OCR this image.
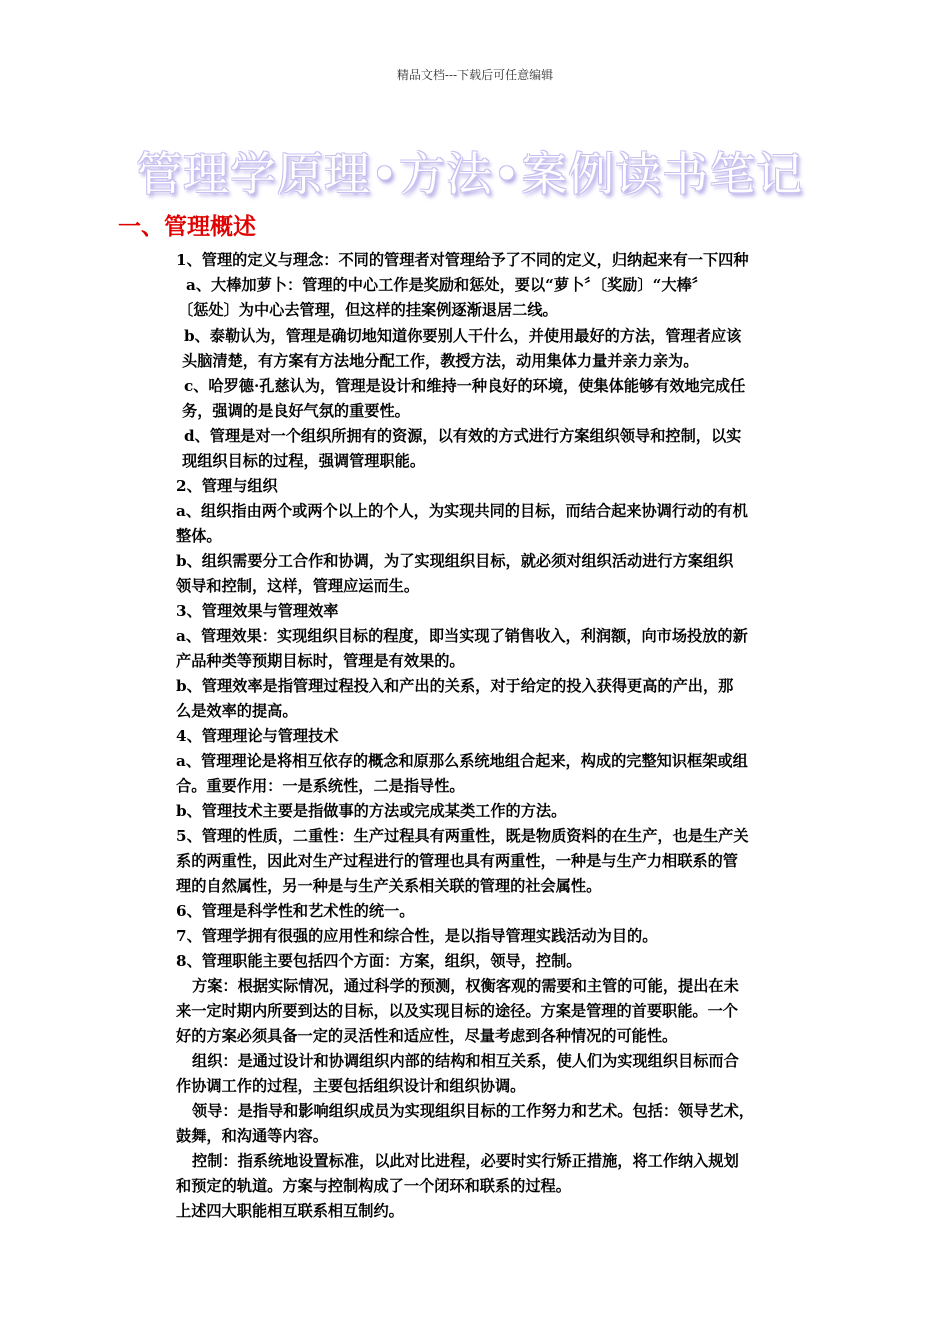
精品文档---下载后可任意编辑
管理学原理•方法•案例读书笔记
一、管理概述
1、管理的定义与理念：不同的管理者对管理给予了不同的定义，归纳起来有一下四种
a、大棒加萝卜：管理的中心工作是奖励和惩处，要以“萝卜〞〔奖励〕“大棒〞
〔惩处〕为中心去管理，但这样的挂案例逐渐退居二线。
b、泰勒认为，管理是确切地知道你要别人干什么，并使用最好的方法，管理者应该
头脑清楚，有方案有方法地分配工作，教授方法，动用集体力量并亲力亲为。
c、哈罗德·孔慈认为，管理是设计和维持一种良好的环境，使集体能够有效地完成任
务，强调的是良好气氛的重要性。
d、管理是对一个组织所拥有的资源，以有效的方式进行方案组织领导和控制，以实
现组织目标的过程，强调管理职能。
2、管理与组织
a、组织指由两个或两个以上的个人，为实现共同的目标，而结合起来协调行动的有机
整体。
b、组织需要分工合作和协调，为了实现组织目标，就必须对组织活动进行方案组织
领导和控制，这样，管理应运而生。
3、管理效果与管理效率
a、管理效果：实现组织目标的程度，即当实现了销售收入，利润额，向市场投放的新
产品种类等预期目标时，管理是有效果的。
b、管理效率是指管理过程投入和产出的关系，对于给定的投入获得更高的产出，那
么是效率的提高。
4、管理理论与管理技术
a、管理理论是将相互依存的概念和原那么系统地组合起来，构成的完整知识框架或组
合。重要作用：一是系统性，二是指导性。
b、管理技术主要是指做事的方法或完成某类工作的方法。
5、管理的性质，二重性：生产过程具有两重性，既是物质资料的在生产，也是生产关
系的两重性，因此对生产过程进行的管理也具有两重性，一种是与生产力相联系的管
理的自然属性，另一种是与生产关系相关联的管理的社会属性。
6、管理是科学性和艺术性的统一。
7、管理学拥有很强的应用性和综合性，是以指导管理实践活动为目的。
8、管理职能主要包括四个方面：方案，组织，领导，控制。
方案：根据实际情况，通过科学的预测，权衡客观的需要和主管的可能，提出在未
来一定时期内所要到达的目标，以及实现目标的途径。方案是管理的首要职能。一个
好的方案必须具备一定的灵活性和适应性，尽量考虑到各种情况的可能性。
组织：是通过设计和协调组织内部的结构和相互关系，使人们为实现组织目标而合
作协调工作的过程，主要包括组织设计和组织协调。
领导：是指导和影响组织成员为实现组织目标的工作努力和艺术。包括：领导艺术，
鼓舞，和沟通等内容。
控制：指系统地设置标准，以此对比进程，必要时实行矫正措施，将工作纳入规划
和预定的轨道。方案与控制构成了一个闭环和联系的过程。
上述四大职能相互联系相互制约。
